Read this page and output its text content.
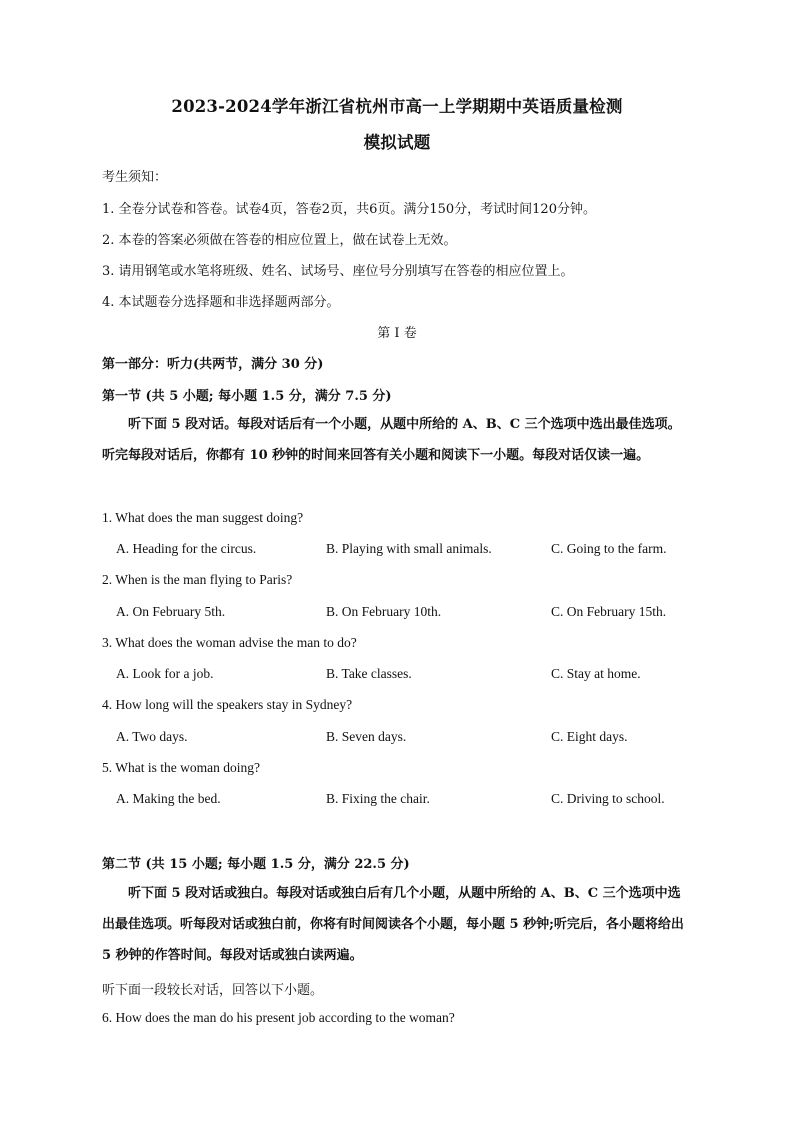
2023-2024学年浙江省杭州市高一上学期期中英语质量检测
模拟试题
考生须知：
1. 全卷分试卷和答卷。试卷4页，答卷2页，共6页。满分150分，考试时间120分钟。
2. 本卷的答案必须做在答卷的相应位置上，做在试卷上无效。
3. 请用钢笔或水笔将班级、姓名、试场号、座位号分别填写在答卷的相应位置上。
4. 本试题卷分选择题和非选择题两部分。
第 I 卷
第一部分：听力(共两节，满分 30 分)
第一节 (共 5 小题; 每小题 1.5 分，满分 7.5 分)
听下面 5 段对话。每段对话后有一个小题，从题中所给的 A、B、C 三个选项中选出最佳选项。听完每段对话后，你都有 10 秒钟的时间来回答有关小题和阅读下一小题。每段对话仅读一遍。
1. What does the man suggest doing?
A. Heading for the circus.	B. Playing with small animals.	C. Going to the farm.
2. When is the man flying to Paris?
A. On February 5th.	B. On February 10th.	C. On February 15th.
3. What does the woman advise the man to do?
A. Look for a job.	B. Take classes.	C. Stay at home.
4. How long will the speakers stay in Sydney?
A. Two days.	B. Seven days.	C. Eight days.
5. What is the woman doing?
A. Making the bed.	B. Fixing the chair.	C. Driving to school.
第二节 (共 15 小题; 每小题 1.5 分，满分 22.5 分)
听下面 5 段对话或独白。每段对话或独白后有几个小题，从题中所给的 A、B、C 三个选项中选出最佳选项。听每段对话或独白前，你将有时间阅读各个小题，每小题 5 秒钟;听完后，各小题将给出 5 秒钟的作答时间。每段对话或独白读两遍。
听下面一段较长对话，回答以下小题。
6. How does the man do his present job according to the woman?
